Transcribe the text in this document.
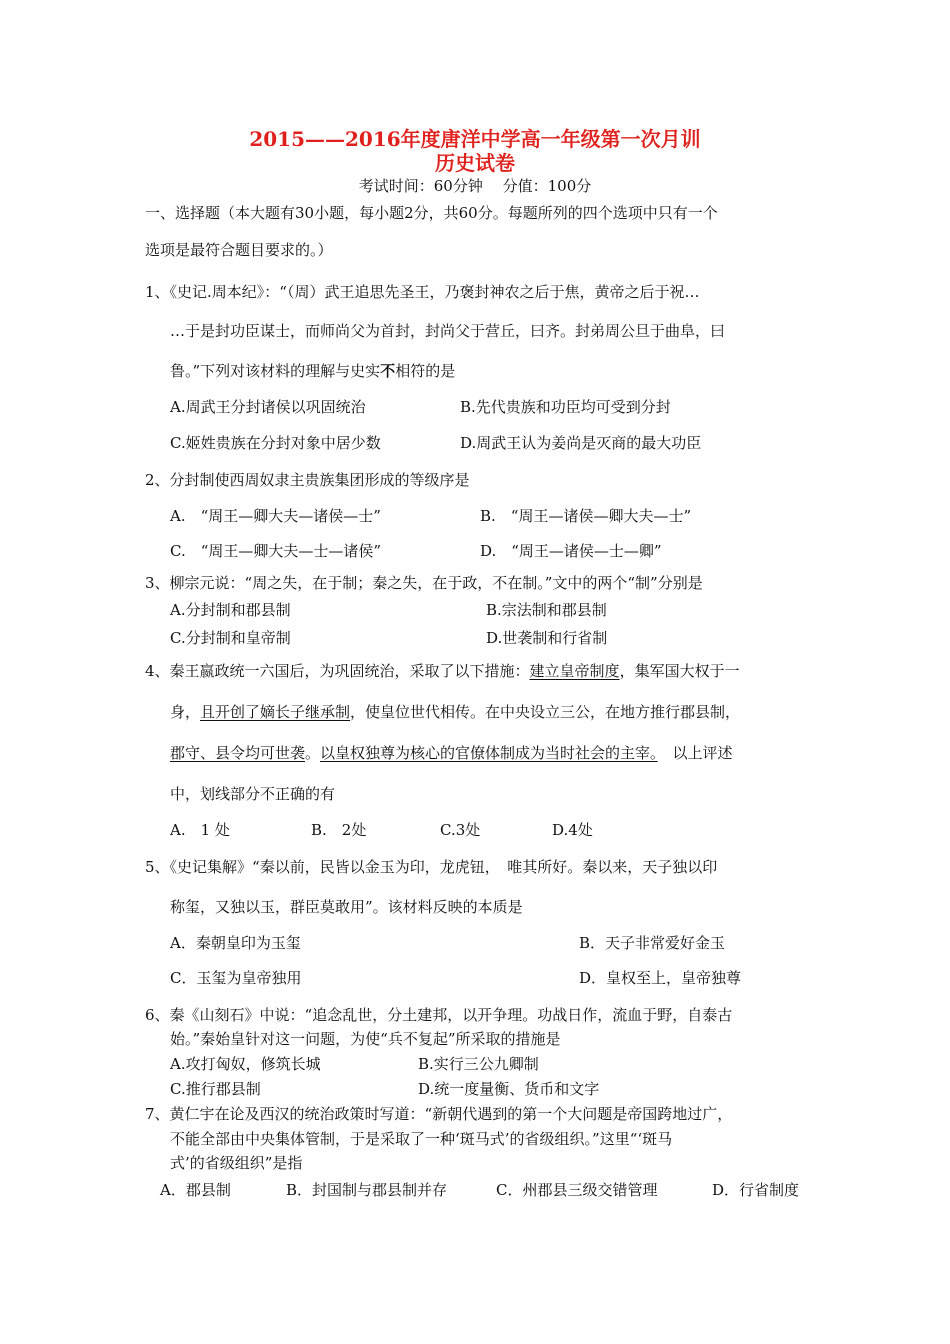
2015——2016年度唐洋中学高一年级第一次月训
历史试卷
考试时间：60分钟　 分值：100分
一、选择题（本大题有30小题，每小题2分，共60分。每题所列的四个选项中只有一个
选项是最符合题目要求的。）
1、《史记.周本纪》：“（周）武王追思先圣王，乃褒封神农之后于焦，黄帝之后于祝…
…于是封功臣谋士，而师尚父为首封，封尚父于营丘，曰齐。封弟周公旦于曲阜，曰
鲁。”下列对该材料的理解与史实不相符的是
A.周武王分封诸侯以巩固统治	B.先代贵族和功臣均可受到分封
C.姬姓贵族在分封对象中居少数	D.周武王认为姜尚是灭商的最大功臣
2、分封制使西周奴隶主贵族集团形成的等级序是
A.　“周王—卿大夫—诸侯—士”	B.　“周王—诸侯—卿大夫—士”
C.　“周王—卿大夫—士—诸侯”	D.　“周王—诸侯—士—卿”
3、柳宗元说：“周之失，在于制；秦之失，在于政，不在制。”文中的两个“制”分别是
A.分封制和郡县制	B.宗法制和郡县制
C.分封制和皇帝制	D.世袭制和行省制
4、秦王嬴政统一六国后，为巩固统治，采取了以下措施：建立皇帝制度，集军国大权于一
身，且开创了嫡长子继承制，使皇位世代相传。在中央设立三公，在地方推行郡县制，
郡守、县令均可世袭。以皇权独尊为核心的官僚体制成为当时社会的主宰。　以上评述
中，划线部分不正确的有
A.　1 处	B.　2处	C.3处	D.4处
5、《史记集解》“秦以前，民皆以金玉为印，龙虎钮，　唯其所好。秦以来，天子独以印
称玺，又独以玉，群臣莫敢用”。该材料反映的本质是
A．秦朝皇印为玉玺	B．天子非常爱好金玉
C．玉玺为皇帝独用	D．皇权至上，皇帝独尊
6、秦《山刻石》中说：“追念乱世，分土建邦，以开争理。功战日作，流血于野，自泰古
始。”秦始皇针对这一问题，为使“兵不复起”所采取的措施是
A.攻打匈奴，修筑长城	B.实行三公九卿制
C.推行郡县制	D.统一度量衡、货币和文字
7、黄仁宇在论及西汉的统治政策时写道：“新朝代遇到的第一个大问题是帝国跨地过广，
不能全部由中央集体管制，于是采取了一种‘斑马式’的省级组织。”这里“‘斑马
式’的省级组织”是指
A．郡县制	B．封国制与郡县制并存	C．州郡县三级交错管理	D．行省制度
